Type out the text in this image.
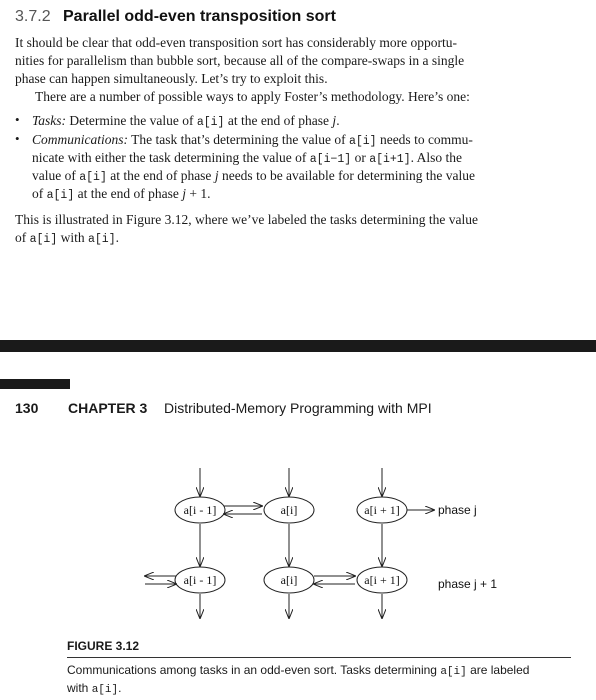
3.7.2 Parallel odd-even transposition sort
It should be clear that odd-even transposition sort has considerably more opportu-
nities for parallelism than bubble sort, because all of the compare-swaps in a single
phase can happen simultaneously. Let’s try to exploit this.
There are a number of possible ways to apply Foster’s methodology. Here’s one:
• Tasks: Determine the value of a[i] at the end of phase j.
• Communications: The task that’s determining the value of a[i] needs to commu-
nicate with either the task determining the value of a[i−1] or a[i+1]. Also the
value of a[i] at the end of phase j needs to be available for determining the value
of a[i] at the end of phase j + 1.
This is illustrated in Figure 3.12, where we’ve labeled the tasks determining the value
of a[i] with a[i].
130 CHAPTER 3 Distributed-Memory Programming with MPI
a[i - 1]	a[i]	a[i + 1]
a[i - 1]	a[i]	a[i + 1]
phase j
phase j + 1
FIGURE 3.12
Communications among tasks in an odd-even sort. Tasks determining a[i] are labeled
with a[i].
